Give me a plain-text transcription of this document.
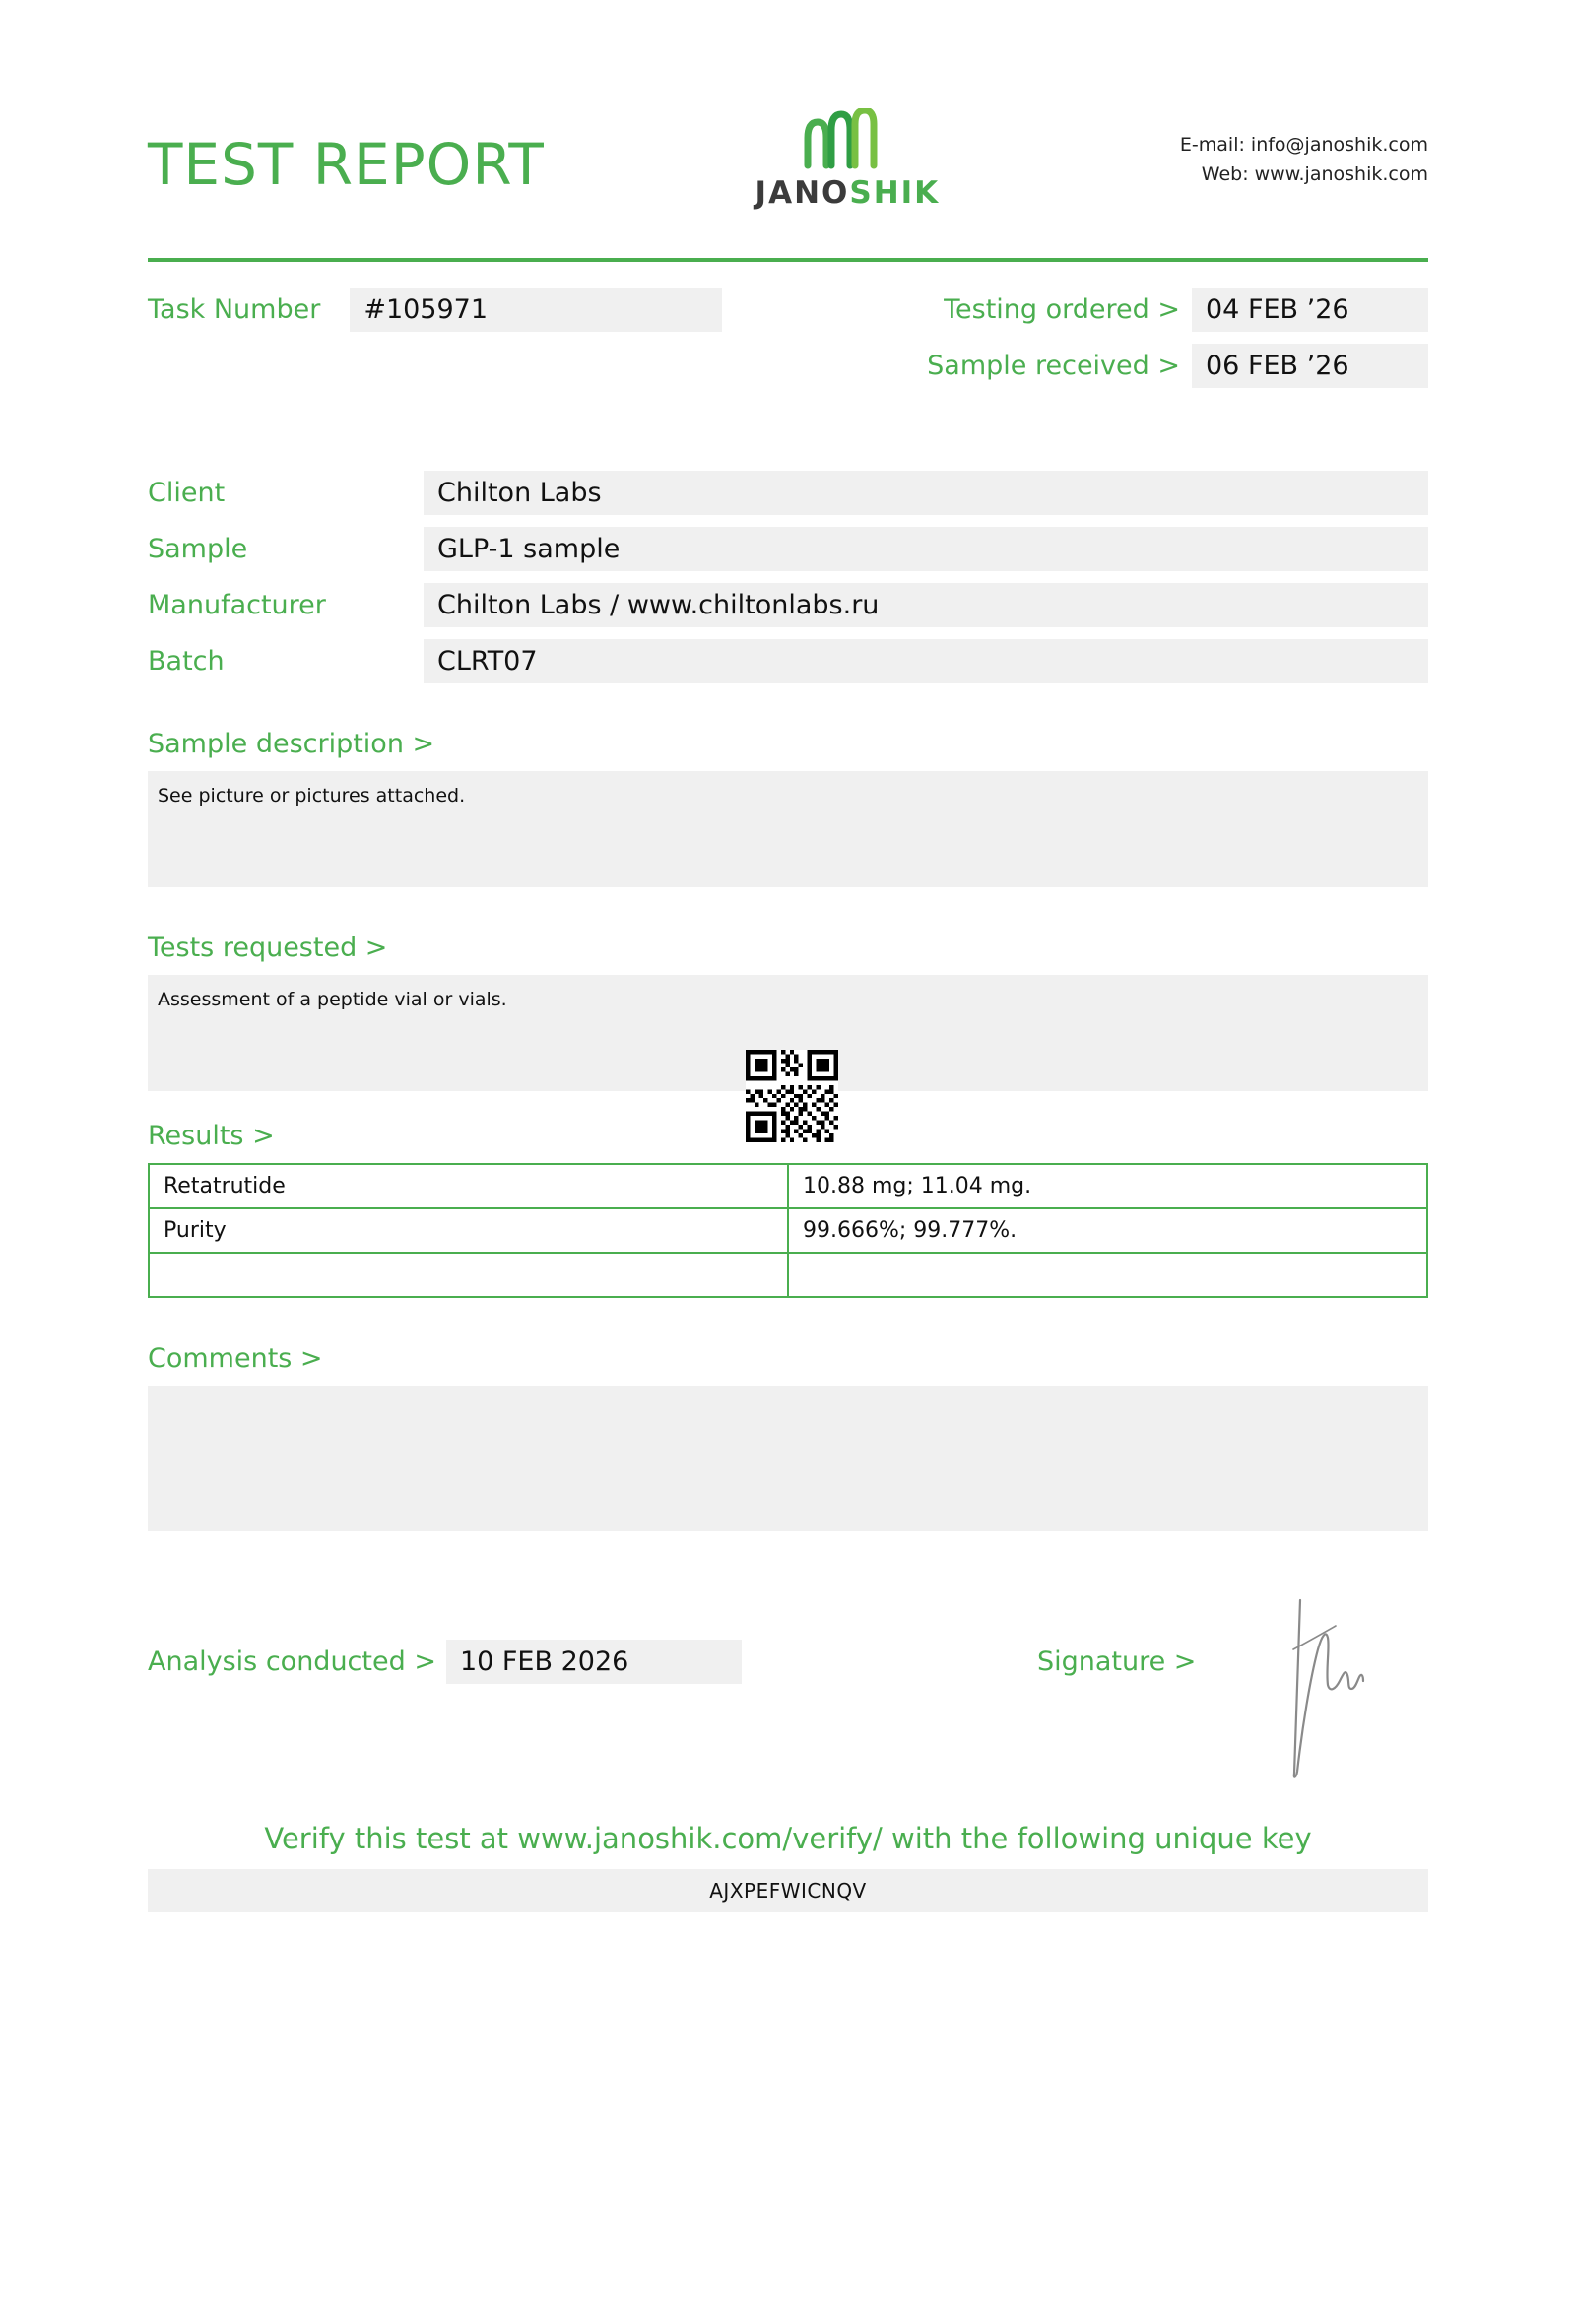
TEST REPORT	JANOSHIK
E-mail: info@janoshik.com
Web: www.janoshik.com
Task Number	#105971	Testing ordered > 04 FEB ’26
Sample received > 06 FEB ’26
Client	Chilton Labs
Sample	GLP-1 sample
Manufacturer	Chilton Labs / www.chiltonlabs.ru
Batch	CLRT07
Sample description >
See picture or pictures attached.
Tests requested >
Assessment of a peptide vial or vials.
Results >
Retatrutide	10.88 mg; 11.04 mg.
Purity	99.666%; 99.777%.

Comments >
Analysis conducted > 10 FEB 2026	Signature >
Verify this test at www.janoshik.com/verify/ with the following unique key
AJXPEFWICNQV
